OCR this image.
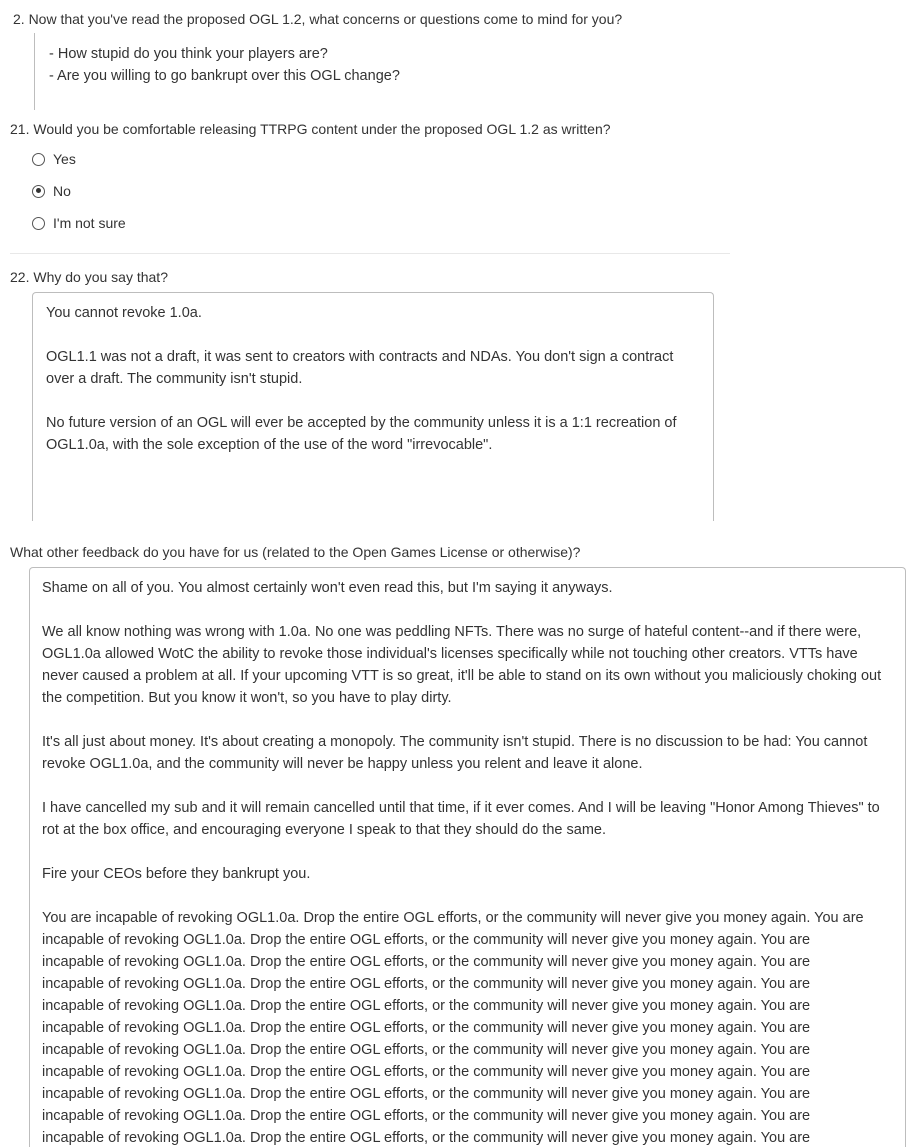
2. Now that you've read the proposed OGL 1.2, what concerns or questions come to mind for you?

- How stupid do you think your players are?

- Are you willing to go bankrupt over this OGL change?

21. Would you be comfortable releasing TTRPG content under the proposed OGL 1.2 as written?
Yes
No
I'm not sure
22. Why do you say that?

You cannot revoke 1.0a.

OGL1.1 was not a draft, it was sent to creators with contracts and NDAs. You don't sign a contract over a draft. The community isn't stupid.

No future version of an OGL will ever be accepted by the community unless it is a 1:1 recreation of OGL1.0a, with the sole exception of the use of the word "irrevocable".

What other feedback do you have for us (related to the Open Games License or otherwise)?

Shame on all of you. You almost certainly won't even read this, but I'm saying it anyways.

We all know nothing was wrong with 1.0a. No one was peddling NFTs. There was no surge of hateful content--and if there were, OGL1.0a allowed WotC the ability to revoke those individual's licenses specifically while not touching other creators. VTTs have never caused a problem at all. If your upcoming VTT is so great, it'll be able to stand on its own without you maliciously choking out the competition. But you know it won't, so you have to play dirty.

It's all just about money. It's about creating a monopoly. The community isn't stupid. There is no discussion to be had: You cannot revoke OGL1.0a, and the community will never be happy unless you relent and leave it alone.

I have cancelled my sub and it will remain cancelled until that time, if it ever comes. And I will be leaving "Honor Among Thieves" to rot at the box office, and encouraging everyone I speak to that they should do the same.

Fire your CEOs before they bankrupt you.

You are incapable of revoking OGL1.0a. Drop the entire OGL efforts, or the community will never give you money again. You are
incapable of revoking OGL1.0a. Drop the entire OGL efforts, or the community will never give you money again. You are
incapable of revoking OGL1.0a. Drop the entire OGL efforts, or the community will never give you money again. You are
incapable of revoking OGL1.0a. Drop the entire OGL efforts, or the community will never give you money again. You are
incapable of revoking OGL1.0a. Drop the entire OGL efforts, or the community will never give you money again. You are
incapable of revoking OGL1.0a. Drop the entire OGL efforts, or the community will never give you money again. You are
incapable of revoking OGL1.0a. Drop the entire OGL efforts, or the community will never give you money again. You are
incapable of revoking OGL1.0a. Drop the entire OGL efforts, or the community will never give you money again. You are
incapable of revoking OGL1.0a. Drop the entire OGL efforts, or the community will never give you money again. You are
incapable of revoking OGL1.0a. Drop the entire OGL efforts, or the community will never give you money again. You are
incapable of revoking OGL1.0a. Drop the entire OGL efforts, or the community will never give you money again. You are
